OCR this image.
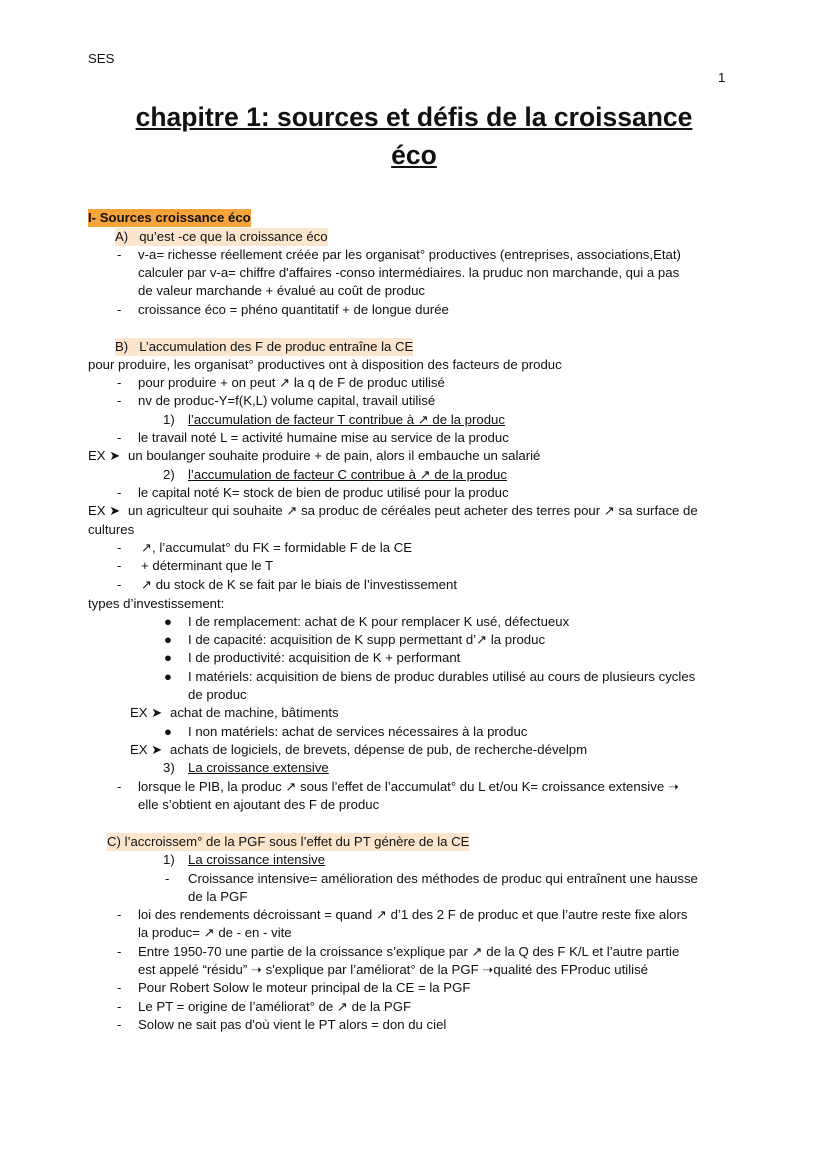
SES
1
chapitre 1: sources et défis de la croissance
éco
I- Sources croissance éco
A) qu’est -ce que la croissance éco
- v-a= richesse réellement créée par les organisat° productives (entreprises, associations,Etat)
calculer par v-a= chiffre d'affaires -conso intermédiaires. la pruduc non marchande, qui a pas
de valeur marchande + évalué au coût de produc
- croissance éco = phéno quantitatif + de longue durée
B) L’accumulation des F de produc entraîne la CE
pour produire, les organisat° productives ont à disposition des facteurs de produc
- pour produire + on peut ↗ la q de F de produc utilisé
- nv de produc-Y=f(K,L) volume capital, travail utilisé
1) l’accumulation de facteur T contribue à ↗ de la produc
- le travail noté L = activité humaine mise au service de la produc
EX ➤ un boulanger souhaite produire + de pain, alors il embauche un salarié
2) l’accumulation de facteur C contribue à ↗ de la produc
- le capital noté K= stock de bien de produc utilisé pour la produc
EX ➤ un agriculteur qui souhaite ↗ sa produc de céréales peut acheter des terres pour ↗ sa surface de
cultures
- ↗, l’accumulat° du FK = formidable F de la CE
- + déterminant que le T
- ↗ du stock de K se fait par le biais de l’investissement
types d’investissement:
● I de remplacement: achat de K pour remplacer K usé, défectueux
● I de capacité: acquisition de K supp permettant d’↗ la produc
● I de productivité: acquisition de K + performant
● I matériels: acquisition de biens de produc durables utilisé au cours de plusieurs cycles
de produc
EX ➤ achat de machine, bâtiments
● I non matériels: achat de services nécessaires à la produc
EX ➤ achats de logiciels, de brevets, dépense de pub, de recherche-dévelpm
3) La croissance extensive
- lorsque le PIB, la produc ↗ sous l’effet de l’accumulat° du L et/ou K= croissance extensive ➝
elle s’obtient en ajoutant des F de produc
C) l’accroissem° de la PGF sous l’effet du PT génère de la CE
1) La croissance intensive
- Croissance intensive= amélioration des méthodes de produc qui entraînent une hausse
de la PGF
- loi des rendements décroissant = quand ↗ d’1 des 2 F de produc et que l’autre reste fixe alors
la produc= ↗ de - en - vite
- Entre 1950-70 une partie de la croissance s’explique par ↗ de la Q des F K/L et l’autre partie
est appelé “résidu” ➝ s'explique par l’améliorat° de la PGF ➝qualité des FProduc utilisé
- Pour Robert Solow le moteur principal de la CE = la PGF
- Le PT = origine de l’améliorat° de ↗ de la PGF
- Solow ne sait pas d'où vient le PT alors = don du ciel
